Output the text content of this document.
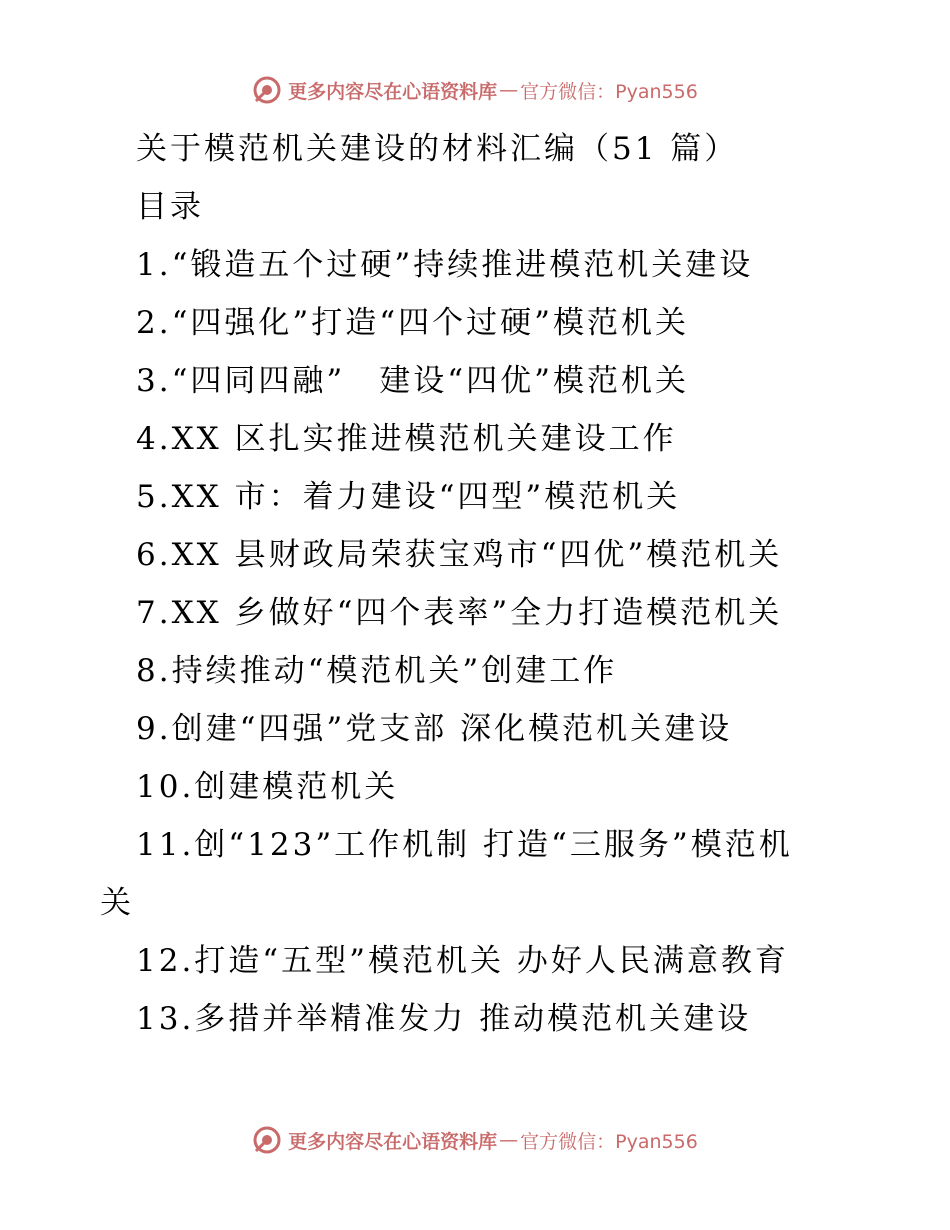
更多内容尽在心语资料库 — 官方微信：Pyan556
关于模范机关建设的材料汇编（51 篇）
目录
1.“锻造五个过硬”持续推进模范机关建设
2.“四强化”打造“四个过硬”模范机关
3.“四同四融”　建设“四优”模范机关
4.XX 区扎实推进模范机关建设工作
5.XX 市：着力建设“四型”模范机关
6.XX 县财政局荣获宝鸡市“四优”模范机关
7.XX 乡做好“四个表率”全力打造模范机关
8.持续推动“模范机关”创建工作
9.创建“四强”党支部 深化模范机关建设
10.创建模范机关
11.创“123”工作机制 打造“三服务”模范机
关
12.打造“五型”模范机关 办好人民满意教育
13.多措并举精准发力 推动模范机关建设
更多内容尽在心语资料库 — 官方微信：Pyan556
